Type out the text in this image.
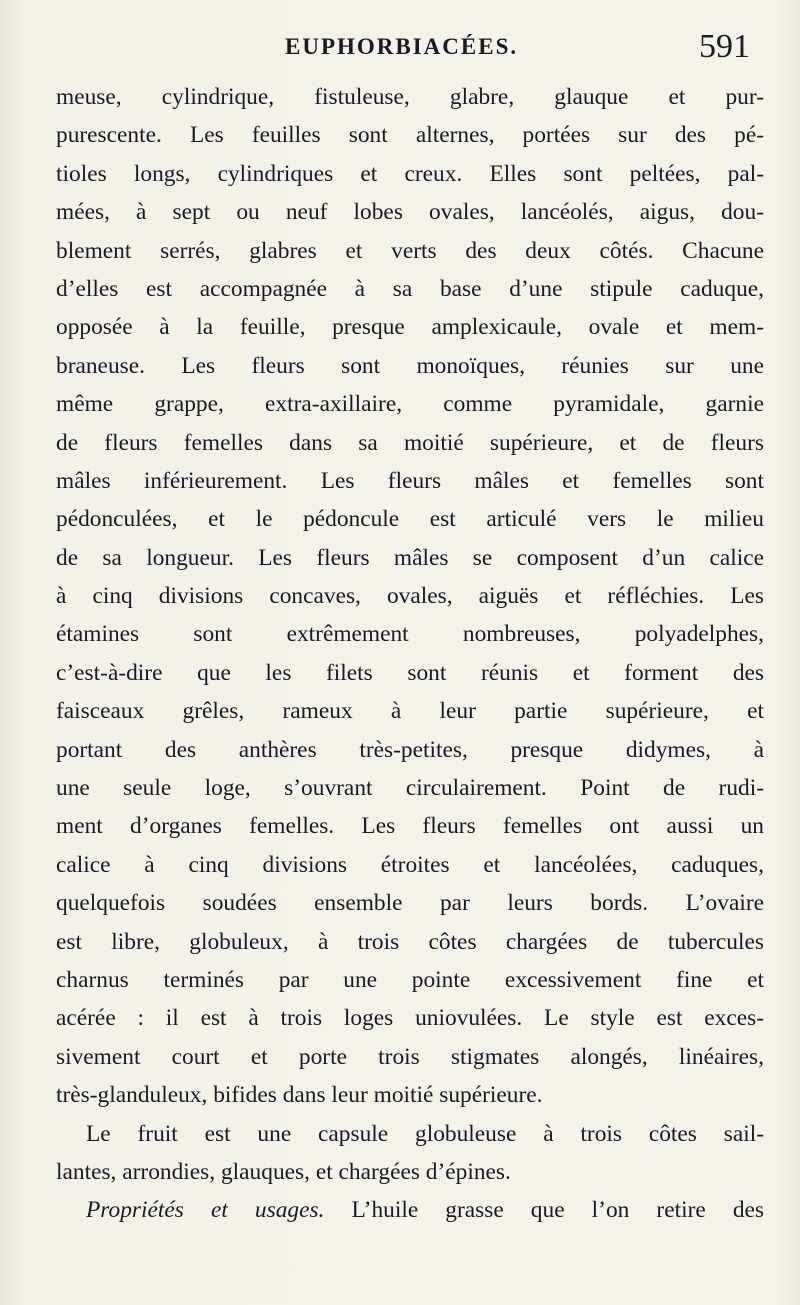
EUPHORBIACÉES.	591
meuse, cylindrique, fistuleuse, glabre, glauque et pur-
purescente. Les feuilles sont alternes, portées sur des pé-
tioles longs, cylindriques et creux. Elles sont peltées, pal-
mées, à sept ou neuf lobes ovales, lancéolés, aigus, dou-
blement serrés, glabres et verts des deux côtés. Chacune
d’elles est accompagnée à sa base d’une stipule caduque,
opposée à la feuille, presque amplexicaule, ovale et mem-
braneuse. Les fleurs sont monoïques, réunies sur une
même grappe, extra-axillaire, comme pyramidale, garnie
de fleurs femelles dans sa moitié supérieure, et de fleurs
mâles inférieurement. Les fleurs mâles et femelles sont
pédonculées, et le pédoncule est articulé vers le milieu
de sa longueur. Les fleurs mâles se composent d’un calice
à cinq divisions concaves, ovales, aiguës et réfléchies. Les
étamines sont extrêmement nombreuses, polyadelphes,
c’est-à-dire que les filets sont réunis et forment des
faisceaux grêles, rameux à leur partie supérieure, et
portant des anthères très-petites, presque didymes, à
une seule loge, s’ouvrant circulairement. Point de rudi-
ment d’organes femelles. Les fleurs femelles ont aussi un
calice à cinq divisions étroites et lancéolées, caduques,
quelquefois soudées ensemble par leurs bords. L’ovaire
est libre, globuleux, à trois côtes chargées de tubercules
charnus terminés par une pointe excessivement fine et
acérée : il est à trois loges uniovulées. Le style est exces-
sivement court et porte trois stigmates alongés, linéaires,
très-glanduleux, bifides dans leur moitié supérieure.
Le fruit est une capsule globuleuse à trois côtes sail-
lantes, arrondies, glauques, et chargées d’épines.
Propriétés et usages. L’huile grasse que l’on retire des
